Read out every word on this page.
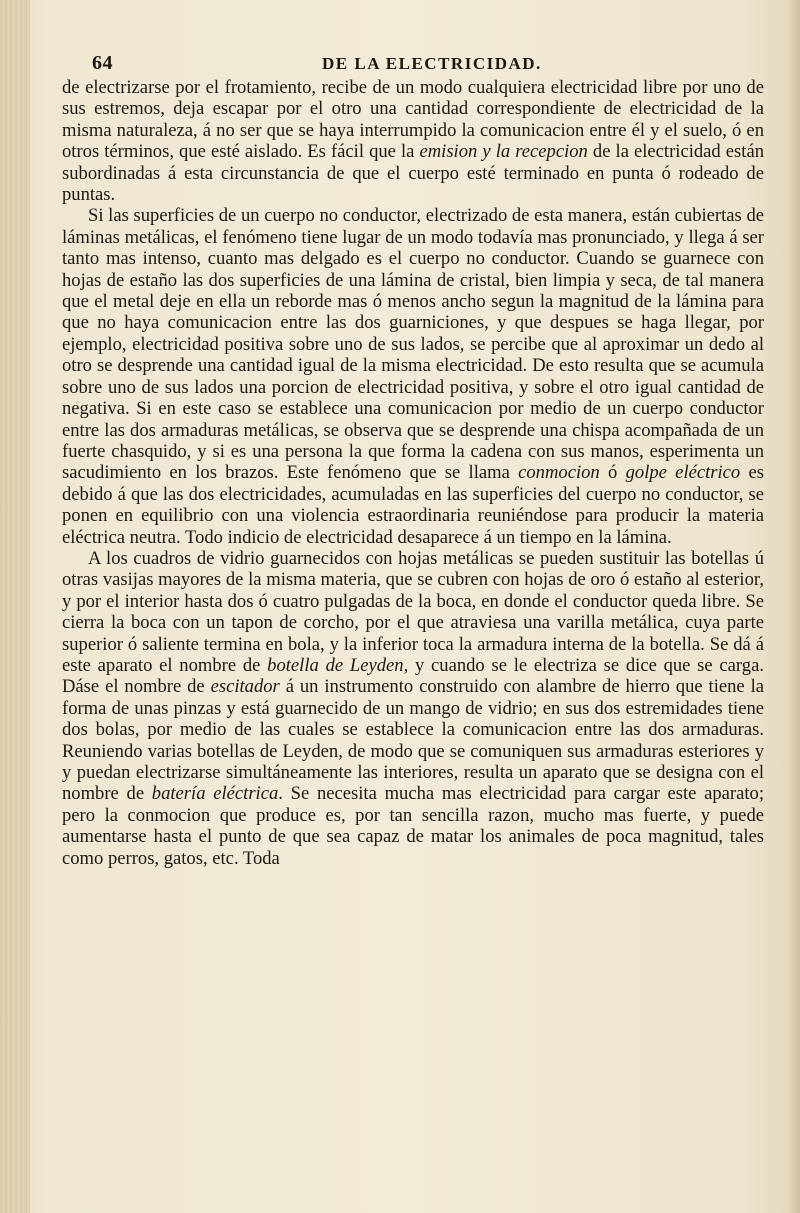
64	DE LA ELECTRICIDAD.

de electrizarse por el frotamiento, recibe de un modo cualquiera electricidad libre por uno de sus estremos, deja escapar por el otro una cantidad correspondiente de electricidad de la misma naturaleza, á no ser que se haya interrumpido la comunicacion entre él y el suelo, ó en otros términos, que esté aislado. Es fácil que la emision y la recepcion de la electricidad están subordinadas á esta circunstancia de que el cuerpo esté terminado en punta ó rodeado de puntas.

Si las superficies de un cuerpo no conductor, electrizado de esta manera, están cubiertas de láminas metálicas, el fenómeno tiene lugar de un modo todavía mas pronunciado, y llega á ser tanto mas intenso, cuanto mas delgado es el cuerpo no conductor. Cuando se guarnece con hojas de estaño las dos superficies de una lámina de cristal, bien limpia y seca, de tal manera que el metal deje en ella un reborde mas ó menos ancho segun la magnitud de la lámina para que no haya comunicacion entre las dos guarniciones, y que despues se haga llegar, por ejemplo, electricidad positiva sobre uno de sus lados, se percibe que al aproximar un dedo al otro se desprende una cantidad igual de la misma electricidad. De esto resulta que se acumula sobre uno de sus lados una porcion de electricidad positiva, y sobre el otro igual cantidad de negativa. Si en este caso se establece una comunicacion por medio de un cuerpo conductor entre las dos armaduras metálicas, se observa que se desprende una chispa acompañada de un fuerte chasquido, y si es una persona la que forma la cadena con sus manos, esperimenta un sacudimiento en los brazos. Este fenómeno que se llama conmocion ó golpe eléctrico es debido á que las dos electricidades, acumuladas en las superficies del cuerpo no conductor, se ponen en equilibrio con una violencia estraordinaria reuniéndose para producir la materia eléctrica neutra. Todo indicio de electricidad desaparece á un tiempo en la lámina.

A los cuadros de vidrio guarnecidos con hojas metálicas se pueden sustituir las botellas ú otras vasijas mayores de la misma materia, que se cubren con hojas de oro ó estaño al esterior, y por el interior hasta dos ó cuatro pulgadas de la boca, en donde el conductor queda libre. Se cierra la boca con un tapon de corcho, por el que atraviesa una varilla metálica, cuya parte superior ó saliente termina en bola, y la inferior toca la armadura interna de la botella. Se dá á este aparato el nombre de botella de Leyden, y cuando se le electriza se dice que se carga. Dáse el nombre de escitador á un instrumento construido con alambre de hierro que tiene la forma de unas pinzas y está guarnecido de un mango de vidrio; en sus dos estremidades tiene dos bolas, por medio de las cuales se establece la comunicacion entre las dos armaduras. Reuniendo varias botellas de Leyden, de modo que se comuniquen sus armaduras esteriores y y puedan electrizarse simultáneamente las interiores, resulta un aparato que se designa con el nombre de batería eléctrica. Se necesita mucha mas electricidad para cargar este aparato; pero la conmocion que produce es, por tan sencilla razon, mucho mas fuerte, y puede aumentarse hasta el punto de que sea capaz de matar los animales de poca magnitud, tales como perros, gatos, etc. Toda
